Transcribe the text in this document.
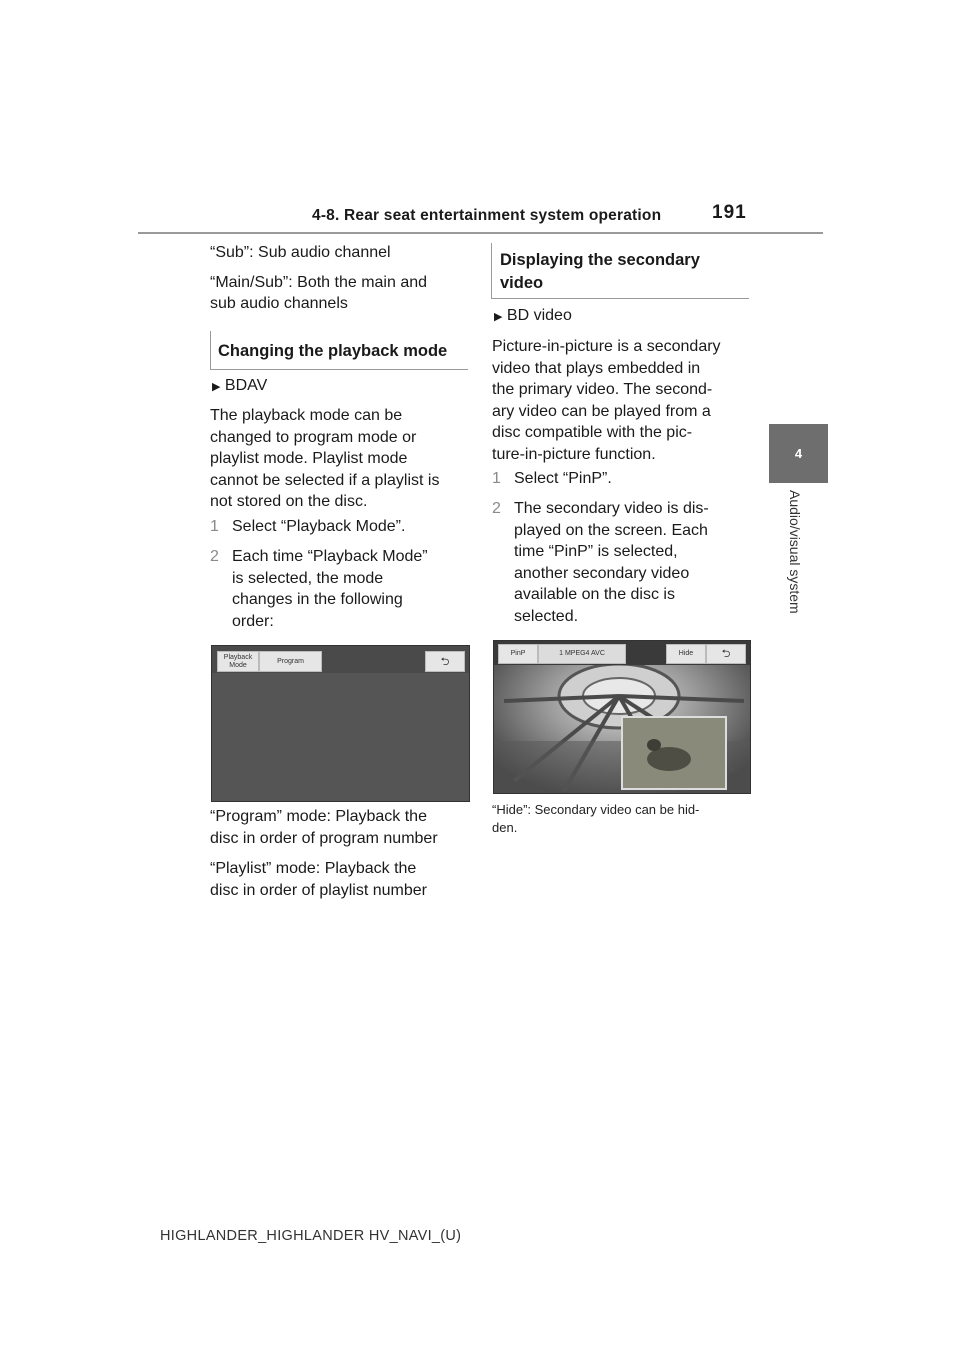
4-8. Rear seat entertainment system operation	191
4
Audio/visual system
“Sub”: Sub audio channel
“Main/Sub”: Both the main and
sub audio channels
Changing the playback mode
▶ BDAV
The playback mode can be
changed to program mode or
playlist mode. Playlist mode
cannot be selected if a playlist is
not stored on the disc.
1 Select “Playback Mode”.
2 Each time “Playback Mode”
is selected, the mode
changes in the following
order:
Playback
Mode
Program	⮌
“Program” mode: Playback the
disc in order of program number
“Playlist” mode: Playback the
disc in order of playlist number
Displaying the secondary
video
▶ BD video
Picture-in-picture is a secondary
video that plays embedded in
the primary video. The second-
ary video can be played from a
disc compatible with the pic-
ture-in-picture function.
1 Select “PinP”.
2 The secondary video is dis-
played on the screen. Each
time “PinP” is selected,
another secondary video
available on the disc is
selected.
PinP	1 MPEG4 AVC	Hide	⮌
“Hide”: Secondary video can be hid-
den.
HIGHLANDER_HIGHLANDER HV_NAVI_(U)
